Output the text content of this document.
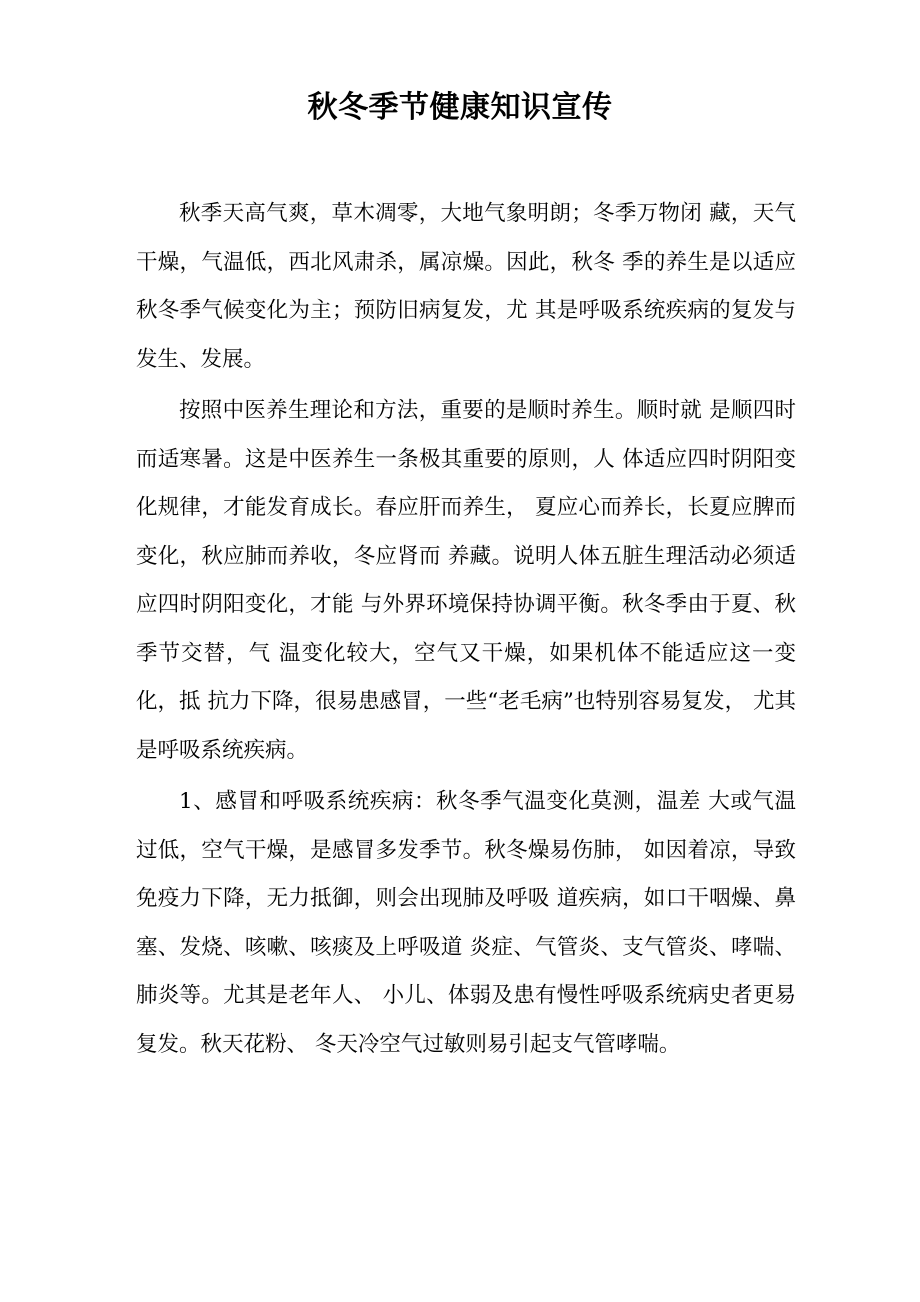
秋冬季节健康知识宣传

秋季天高气爽，草木凋零，大地气象明朗；冬季万物闭 藏，天气干燥，气温低，西北风肃杀，属凉燥。因此，秋冬 季的养生是以适应秋冬季气候变化为主；预防旧病复发，尤 其是呼吸系统疾病的复发与发生、发展。

按照中医养生理论和方法，重要的是顺时养生。顺时就 是顺四时而适寒暑。这是中医养生一条极其重要的原则，人 体适应四时阴阳变化规律，才能发育成长。春应肝而养生， 夏应心而养长，长夏应脾而变化，秋应肺而养收，冬应肾而 养藏。说明人体五脏生理活动必须适应四时阴阳变化，才能 与外界环境保持协调平衡。秋冬季由于夏、秋季节交替，气 温变化较大，空气又干燥，如果机体不能适应这一变化，抵 抗力下降，很易患感冒，一些“老毛病”也特别容易复发， 尤其是呼吸系统疾病。

1、感冒和呼吸系统疾病：秋冬季气温变化莫测，温差 大或气温过低，空气干燥，是感冒多发季节。秋冬燥易伤肺， 如因着凉，导致免疫力下降，无力抵御，则会出现肺及呼吸 道疾病，如口干咽燥、鼻塞、发烧、咳嗽、咳痰及上呼吸道 炎症、气管炎、支气管炎、哮喘、肺炎等。尤其是老年人、 小儿、体弱及患有慢性呼吸系统病史者更易复发。秋天花粉、 冬天冷空气过敏则易引起支气管哮喘。
